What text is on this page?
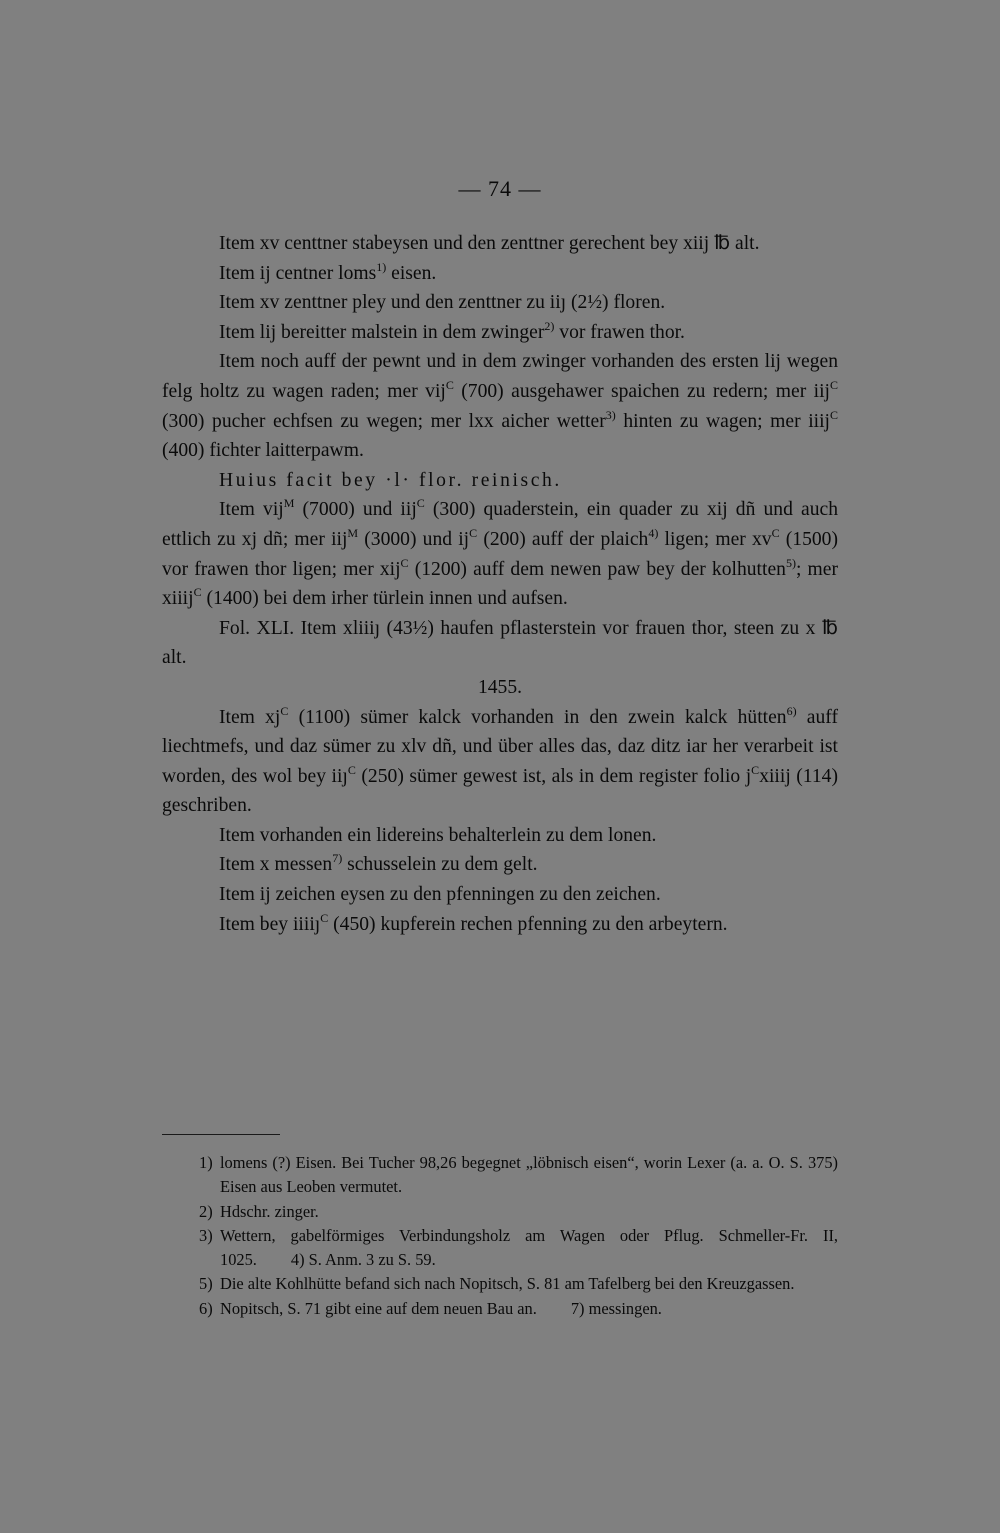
— 74 —

Item xv centtner stabeysen und den zenttner gerechent bey xiij ℔ alt.

Item ij centner loms$^{1)}$ eisen.

Item xv zenttner pley und den zenttner zu iiȷ (2½) floren.

Item lij bereitter malstein in dem zwinger$^{2)}$ vor frawen thor.

Item noch auff der pewnt und in dem zwinger vorhanden des ersten lij wegen felg holtz zu wagen raden; mer vij$^C$ (700) ausgehawer spaichen zu redern; mer iij$^C$ (300) pucher echfsen zu wegen; mer lxx aicher wetter$^{3)}$ hinten zu wagen; mer iiij$^C$ (400) fichter laitterpawm.

Huius facit bey ·l· flor. reinisch.

Item vij$^M$ (7000) und iij$^C$ (300) quaderstein, ein quader zu xij dñ und auch ettlich zu xj dñ; mer iij$^M$ (3000) und $ij^C$ (200) auff der plaich$^{4)}$ ligen; mer $xv^C$ (1500) vor frawen thor ligen; mer xij$^C$ (1200) auff dem newen paw bey der kolhutten$^{5)}$; mer xiiij$^C$ (1400) bei dem irher türlein innen und aufsen.

Fol. XLI. Item xliiiȷ (43½) haufen pflasterstein vor frauen thor, steen zu x ℔ alt.

1455.

Item $xj^C$ (1100) sümer kalck vorhanden in den zwein kalck hütten$^{6)}$ auff liechtmefs, und daz sümer zu xlv dñ, und über alles das, daz ditz iar her verarbeit ist worden, des wol bey iiȷ$^C$ (250) sümer gewest ist, als in dem register folio $j^Cxiiij$ (114) geschriben.

Item vorhanden ein lidereins behalterlein zu dem lonen.

Item x messen$^{7)}$ schusselein zu dem gelt.

Item ij zeichen eysen zu den pfenningen zu den zeichen.

Item bey iiiiȷ$^C$ (450) kupferein rechen pfenning zu den arbeytern.

1) lomens (?) Eisen. Bei Tucher 98,26 begegnet „löbnisch eisen“, worin Lexer (a. a. O. S. 375) Eisen aus Leoben vermutet.
2) Hdschr. zinger.
3) Wettern, gabelförmiges Verbindungsholz am Wagen oder Pflug. Schmeller-Fr. II, 1025. 4) S. Anm. 3 zu S. 59.
5) Die alte Kohlhütte befand sich nach Nopitsch, S. 81 am Tafelberg bei den Kreuzgassen.
6) Nopitsch, S. 71 gibt eine auf dem neuen Bau an. 7) messingen.
